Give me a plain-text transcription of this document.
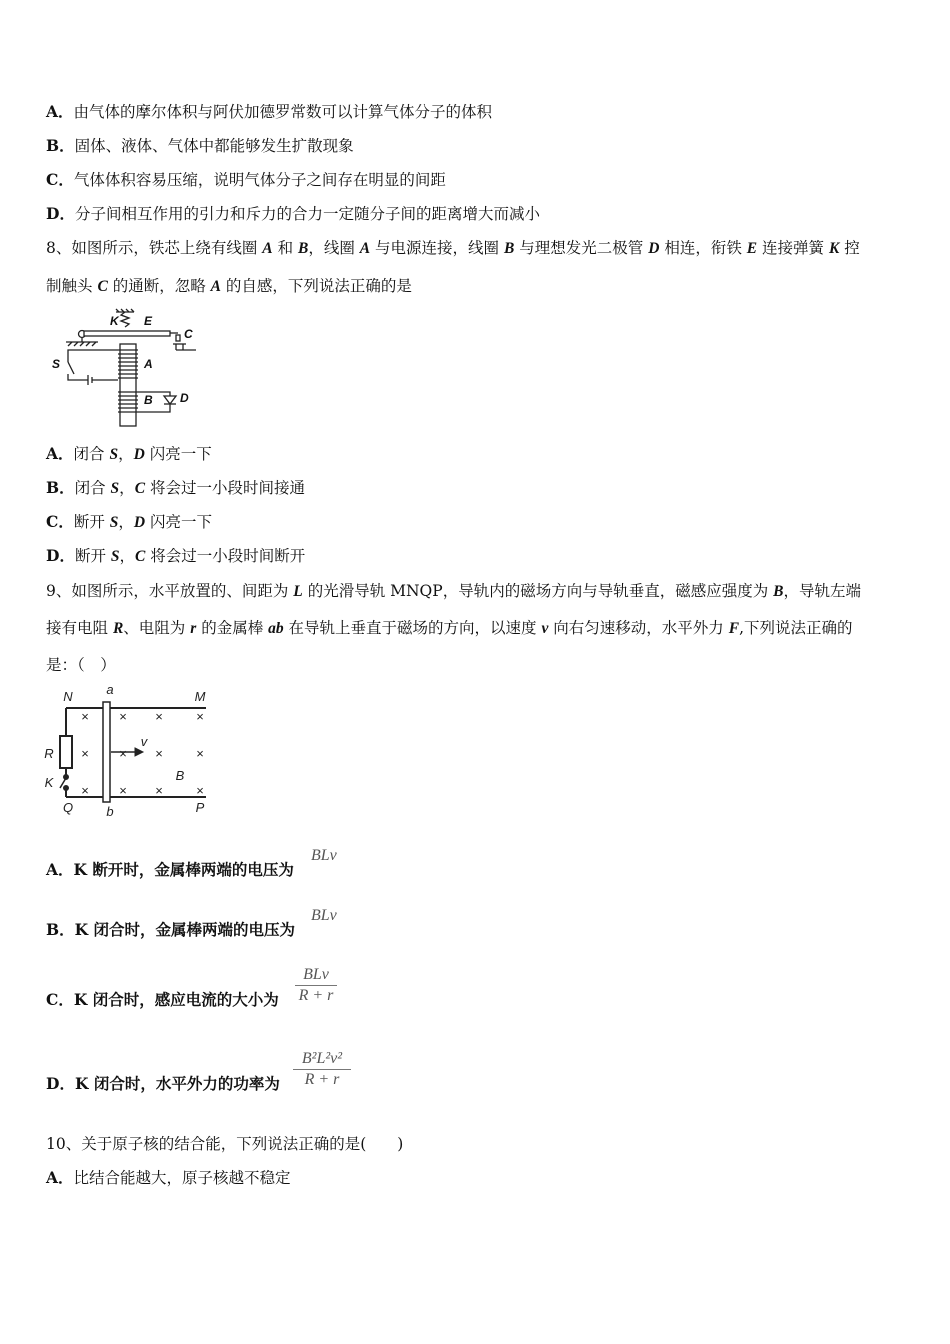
A．由气体的摩尔体积与阿伏加德罗常数可以计算气体分子的体积
B．固体、液体、气体中都能够发生扩散现象
C．气体体积容易压缩，说明气体分子之间存在明显的间距
D．分子间相互作用的引力和斥力的合力一定随分子间的距离增大而减小
8、如图所示，铁芯上绕有线圈 A 和 B，线圈 A 与电源连接，线圈 B 与理想发光二极管 D 相连，衔铁 E 连接弹簧 K 控
制触头 C 的通断，忽略 A 的自感，下列说法正确的是
K E
C
S	A
B D
A．闭合 S，D 闪亮一下
B．闭合 S，C 将会过一小段时间接通
C．断开 S，D 闪亮一下
D．断开 S，C 将会过一小段时间断开
9、如图所示，水平放置的、间距为 L 的光滑导轨 MNQP，导轨内的磁场方向与导轨垂直，磁感应强度为 B，导轨左端
接有电阻 R、电阻为 r 的金属棒 ab 在导轨上垂直于磁场的方向，以速度 v 向右匀速移动，水平外力 F,下列说法正确的
是：（　）
N	a	M
R
K
v
B
Q	b	P
× × ×	×
× × ×	×
× × ×	×
A．K 断开时，金属棒两端的电压为
BLv
B．K 闭合时，金属棒两端的电压为
BLv
C．K 闭合时，感应电流的大小为
BLv
R + r
D．K 闭合时，水平外力的功率为
B²L²v²
R + r
10、关于原子核的结合能，下列说法正确的是(　　)
A．比结合能越大，原子核越不稳定
